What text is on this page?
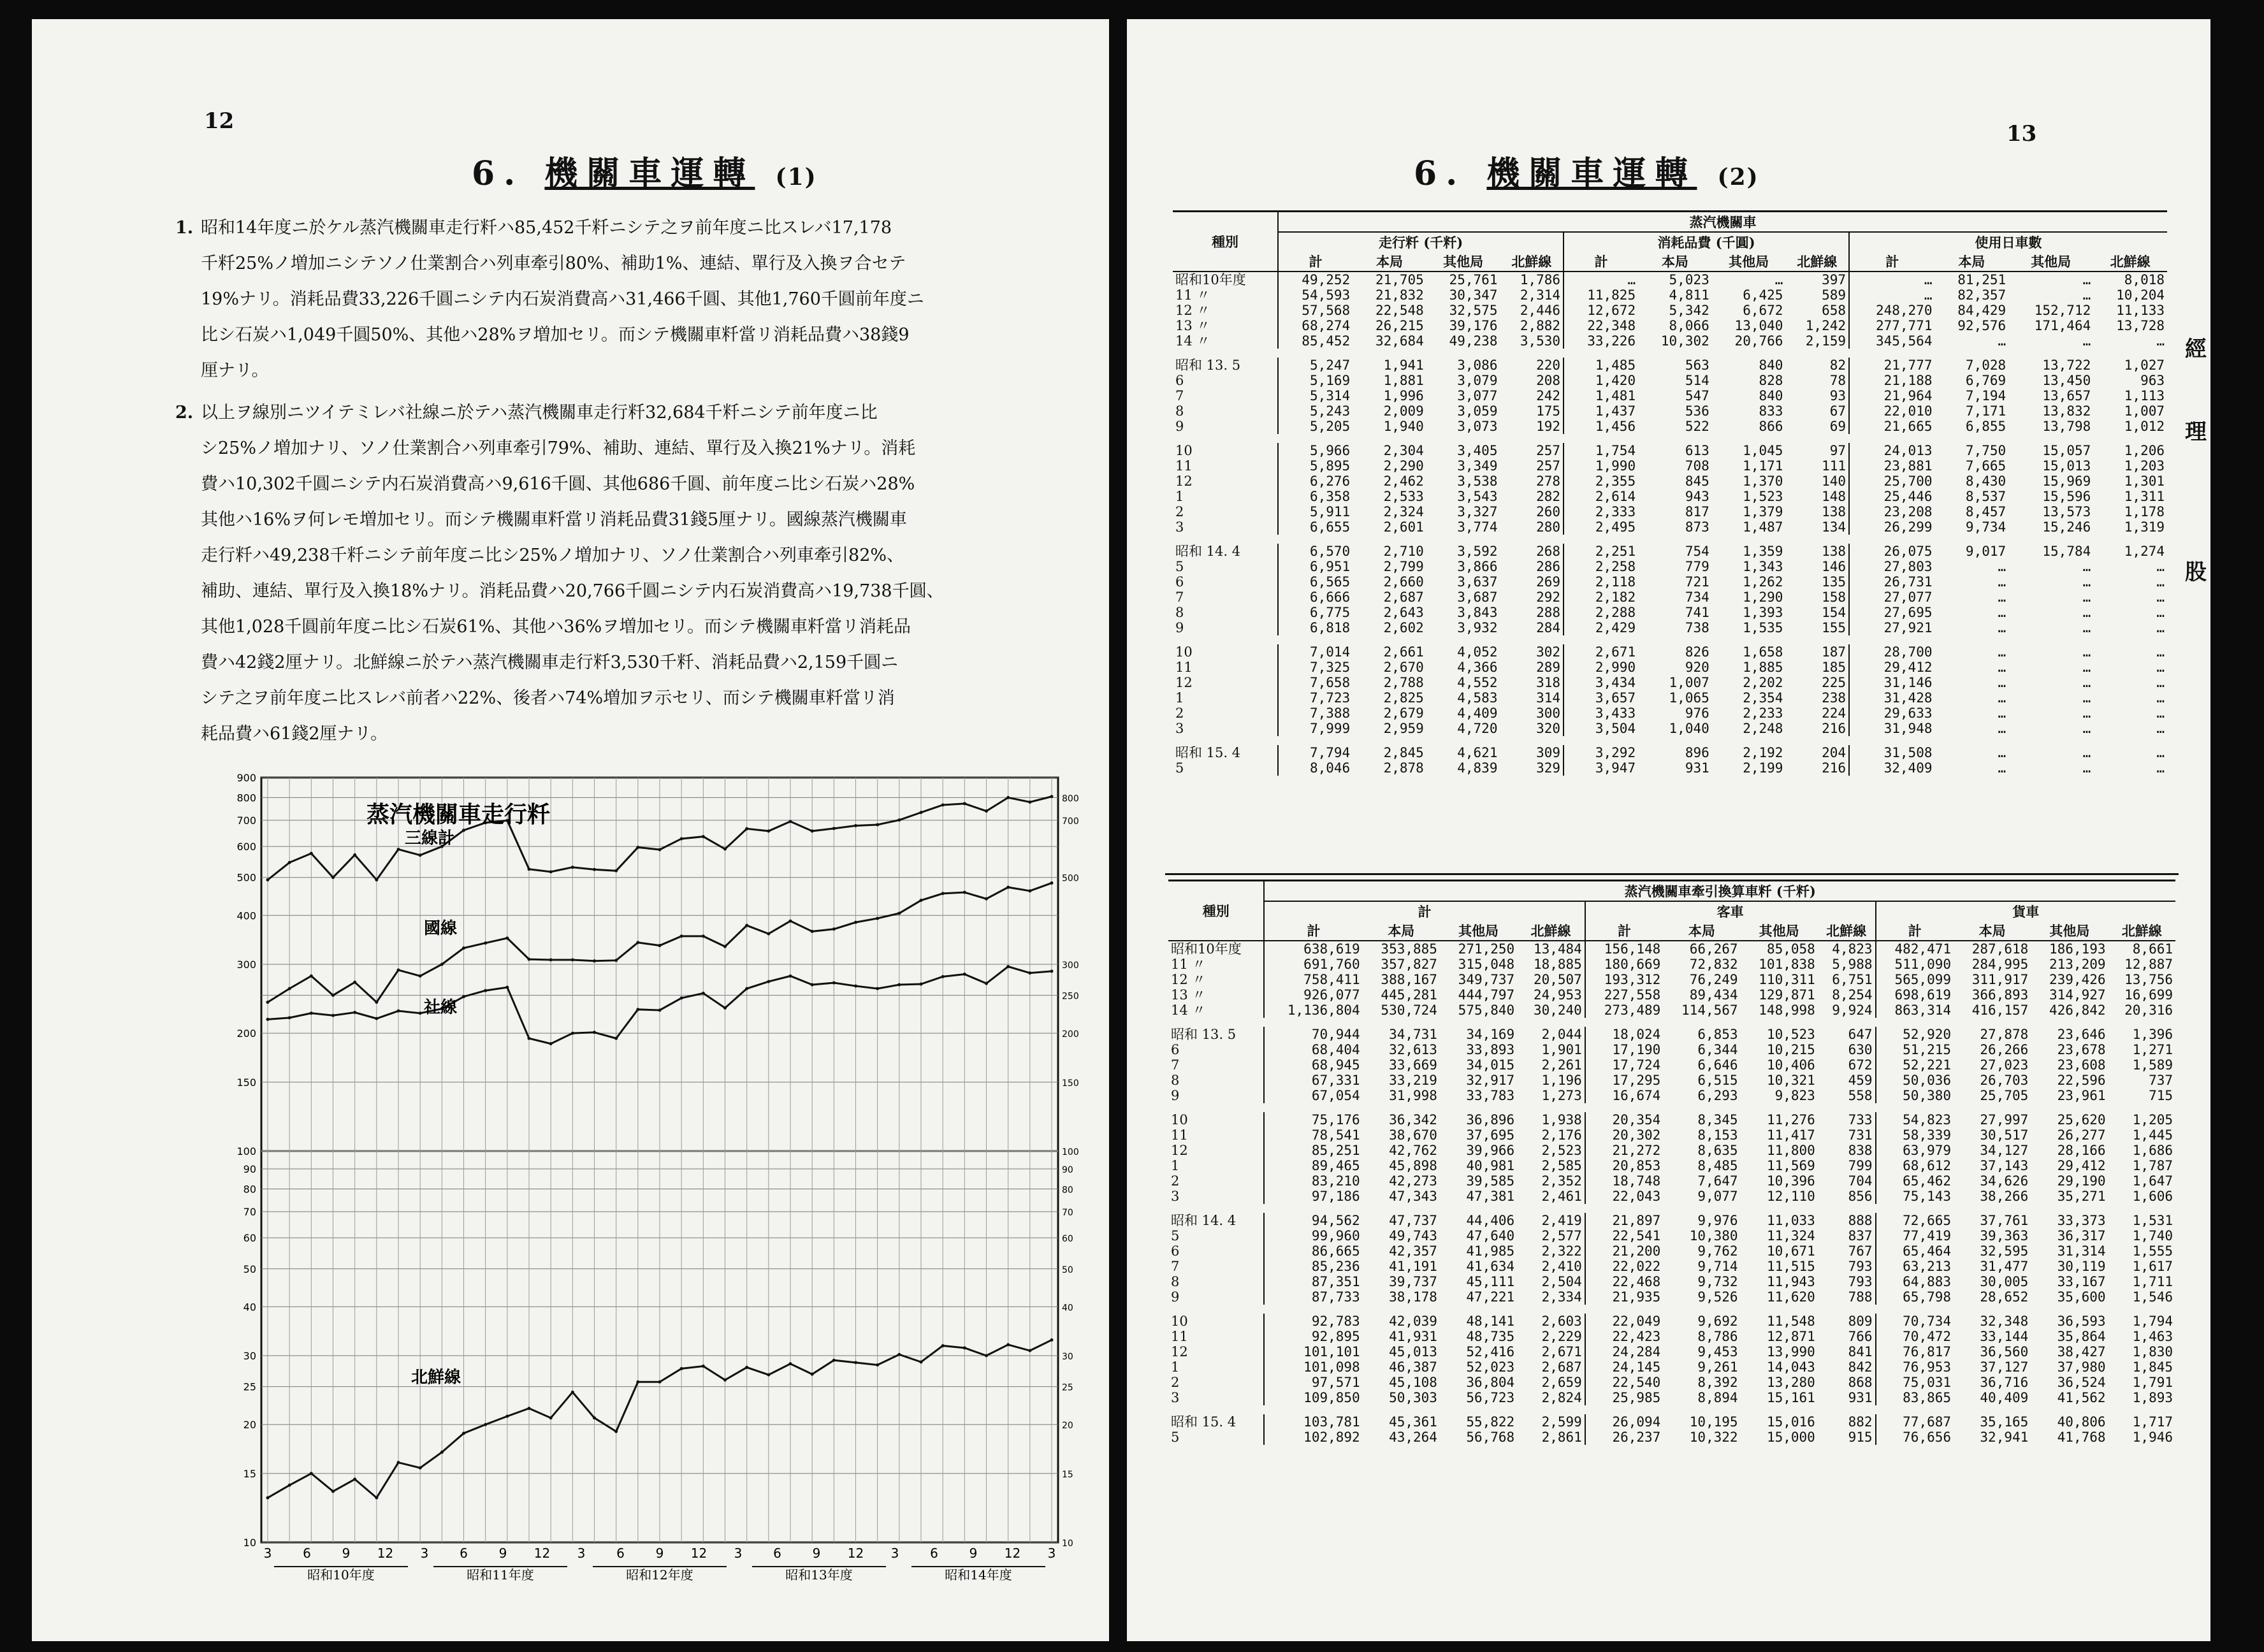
12
6. 機關車運轉 (1)
1. 昭和14年度ニ於ケル蒸汽機關車走行粁ハ85,452千粁ニシテ之ヲ前年度ニ比スレバ17,178
千粁25%ノ増加ニシテソノ仕業割合ハ列車牽引80%、補助1%、連結、單行及入換ヲ合セテ
19%ナリ。消耗品費33,226千圓ニシテ内石炭消費高ハ31,466千圓、其他1,760千圓前年度ニ
比シ石炭ハ1,049千圓50%、其他ハ28%ヲ増加セリ。而シテ機關車粁當リ消耗品費ハ38錢9
厘ナリ。
2. 以上ヲ線別ニツイテミレバ社線ニ於テハ蒸汽機關車走行粁32,684千粁ニシテ前年度ニ比
シ25%ノ増加ナリ、ソノ仕業割合ハ列車牽引79%、補助、連結、單行及入換21%ナリ。消耗
費ハ10,302千圓ニシテ内石炭消費高ハ9,616千圓、其他686千圓、前年度ニ比シ石炭ハ28%
其他ハ16%ヲ何レモ増加セリ。而シテ機關車粁當リ消耗品費31錢5厘ナリ。國線蒸汽機關車
走行粁ハ49,238千粁ニシテ前年度ニ比シ25%ノ増加ナリ、ソノ仕業割合ハ列車牽引82%、
補助、連結、單行及入換18%ナリ。消耗品費ハ20,766千圓ニシテ内石炭消費高ハ19,738千圓、
其他1,028千圓前年度ニ比シ石炭61%、其他ハ36%ヲ増加セリ。而シテ機關車粁當リ消耗品
費ハ42錢2厘ナリ。北鮮線ニ於テハ蒸汽機關車走行粁3,530千粁、消耗品費ハ2,159千圓ニ
シテ之ヲ前年度ニ比スレバ前者ハ22%、後者ハ74%増加ヲ示セリ、而シテ機關車粁當リ消
耗品費ハ61錢2厘ナリ。
900
800
700
600
500
400
300
200
150
100
90
80
70
60
50
40
30
25
20
15
10
800
700
500
300
250
200
150
100
90
80
70
60
50
40
30
25
20
15
10
三線計
國線
社線
北鮮線
蒸汽機關車走行粁
3 6 9 12 3 6 9 12 3 6 9 12 3 6 9 12 3 6 9 12 3
昭和10年度	昭和11年度	昭和12年度	昭和13年度	昭和14年度
13
6. 機關車運轉 (2)
經
理
股
種別	蒸汽機關車											
	走行粁 (千粁)				消耗品費 (千圓)				使用日車數			
	計	本局	其他局	北鮮線	計	本局	其他局	北鮮線	計	本局	其他局	北鮮線
昭和10年度	49,252	21,705	25,761	1,786	…	5,023	…	397	…	81,251	…	8,018
11 〃	54,593	21,832	30,347	2,314	11,825	4,811	6,425	589	…	82,357	…	10,204
12 〃	57,568	22,548	32,575	2,446	12,672	5,342	6,672	658	248,270	84,429	152,712	11,133
13 〃	68,274	26,215	39,176	2,882	22,348	8,066	13,040	1,242	277,771	92,576	171,464	13,728
14 〃	85,452	32,684	49,238	3,530	33,226	10,302	20,766	2,159	345,564	…	…	…

昭和 13. 5	5,247	1,941	3,086	220	1,485	563	840	82	21,777	7,028	13,722	1,027
6	5,169	1,881	3,079	208	1,420	514	828	78	21,188	6,769	13,450	963
7	5,314	1,996	3,077	242	1,481	547	840	93	21,964	7,194	13,657	1,113
8	5,243	2,009	3,059	175	1,437	536	833	67	22,010	7,171	13,832	1,007
9	5,205	1,940	3,073	192	1,456	522	866	69	21,665	6,855	13,798	1,012

10	5,966	2,304	3,405	257	1,754	613	1,045	97	24,013	7,750	15,057	1,206
11	5,895	2,290	3,349	257	1,990	708	1,171	111	23,881	7,665	15,013	1,203
12	6,276	2,462	3,538	278	2,355	845	1,370	140	25,700	8,430	15,969	1,301
1	6,358	2,533	3,543	282	2,614	943	1,523	148	25,446	8,537	15,596	1,311
2	5,911	2,324	3,327	260	2,333	817	1,379	138	23,208	8,457	13,573	1,178
3	6,655	2,601	3,774	280	2,495	873	1,487	134	26,299	9,734	15,246	1,319

昭和 14. 4	6,570	2,710	3,592	268	2,251	754	1,359	138	26,075	9,017	15,784	1,274
5	6,951	2,799	3,866	286	2,258	779	1,343	146	27,803	…	…	…
6	6,565	2,660	3,637	269	2,118	721	1,262	135	26,731	…	…	…
7	6,666	2,687	3,687	292	2,182	734	1,290	158	27,077	…	…	…
8	6,775	2,643	3,843	288	2,288	741	1,393	154	27,695	…	…	…
9	6,818	2,602	3,932	284	2,429	738	1,535	155	27,921	…	…	…

10	7,014	2,661	4,052	302	2,671	826	1,658	187	28,700	…	…	…
11	7,325	2,670	4,366	289	2,990	920	1,885	185	29,412	…	…	…
12	7,658	2,788	4,552	318	3,434	1,007	2,202	225	31,146	…	…	…
1	7,723	2,825	4,583	314	3,657	1,065	2,354	238	31,428	…	…	…
2	7,388	2,679	4,409	300	3,433	976	2,233	224	29,633	…	…	…
3	7,999	2,959	4,720	320	3,504	1,040	2,248	216	31,948	…	…	…

昭和 15. 4	7,794	2,845	4,621	309	3,292	896	2,192	204	31,508	…	…	…
5	8,046	2,878	4,839	329	3,947	931	2,199	216	32,409	…	…	…
種別	蒸汽機關車牽引換算車粁 (千粁)											
	計				客車				貨車			
	計	本局	其他局	北鮮線	計	本局	其他局	北鮮線	計	本局	其他局	北鮮線
昭和10年度	638,619	353,885	271,250	13,484	156,148	66,267	85,058	4,823	482,471	287,618	186,193	8,661
11 〃	691,760	357,827	315,048	18,885	180,669	72,832	101,838	5,988	511,090	284,995	213,209	12,887
12 〃	758,411	388,167	349,737	20,507	193,312	76,249	110,311	6,751	565,099	311,917	239,426	13,756
13 〃	926,077	445,281	444,797	24,953	227,558	89,434	129,871	8,254	698,619	366,893	314,927	16,699
14 〃	1,136,804	530,724	575,840	30,240	273,489	114,567	148,998	9,924	863,314	416,157	426,842	20,316

昭和 13. 5	70,944	34,731	34,169	2,044	18,024	6,853	10,523	647	52,920	27,878	23,646	1,396
6	68,404	32,613	33,893	1,901	17,190	6,344	10,215	630	51,215	26,266	23,678	1,271
7	68,945	33,669	34,015	2,261	17,724	6,646	10,406	672	52,221	27,023	23,608	1,589
8	67,331	33,219	32,917	1,196	17,295	6,515	10,321	459	50,036	26,703	22,596	737
9	67,054	31,998	33,783	1,273	16,674	6,293	9,823	558	50,380	25,705	23,961	715

10	75,176	36,342	36,896	1,938	20,354	8,345	11,276	733	54,823	27,997	25,620	1,205
11	78,541	38,670	37,695	2,176	20,302	8,153	11,417	731	58,339	30,517	26,277	1,445
12	85,251	42,762	39,966	2,523	21,272	8,635	11,800	838	63,979	34,127	28,166	1,686
1	89,465	45,898	40,981	2,585	20,853	8,485	11,569	799	68,612	37,143	29,412	1,787
2	83,210	42,273	39,585	2,352	18,748	7,647	10,396	704	65,462	34,626	29,190	1,647
3	97,186	47,343	47,381	2,461	22,043	9,077	12,110	856	75,143	38,266	35,271	1,606

昭和 14. 4	94,562	47,737	44,406	2,419	21,897	9,976	11,033	888	72,665	37,761	33,373	1,531
5	99,960	49,743	47,640	2,577	22,541	10,380	11,324	837	77,419	39,363	36,317	1,740
6	86,665	42,357	41,985	2,322	21,200	9,762	10,671	767	65,464	32,595	31,314	1,555
7	85,236	41,191	41,634	2,410	22,022	9,714	11,515	793	63,213	31,477	30,119	1,617
8	87,351	39,737	45,111	2,504	22,468	9,732	11,943	793	64,883	30,005	33,167	1,711
9	87,733	38,178	47,221	2,334	21,935	9,526	11,620	788	65,798	28,652	35,600	1,546

10	92,783	42,039	48,141	2,603	22,049	9,692	11,548	809	70,734	32,348	36,593	1,794
11	92,895	41,931	48,735	2,229	22,423	8,786	12,871	766	70,472	33,144	35,864	1,463
12	101,101	45,013	52,416	2,671	24,284	9,453	13,990	841	76,817	36,560	38,427	1,830
1	101,098	46,387	52,023	2,687	24,145	9,261	14,043	842	76,953	37,127	37,980	1,845
2	97,571	45,108	36,804	2,659	22,540	8,392	13,280	868	75,031	36,716	36,524	1,791
3	109,850	50,303	56,723	2,824	25,985	8,894	15,161	931	83,865	40,409	41,562	1,893

昭和 15. 4	103,781	45,361	55,822	2,599	26,094	10,195	15,016	882	77,687	35,165	40,806	1,717
5	102,892	43,264	56,768	2,861	26,237	10,322	15,000	915	76,656	32,941	41,768	1,946
